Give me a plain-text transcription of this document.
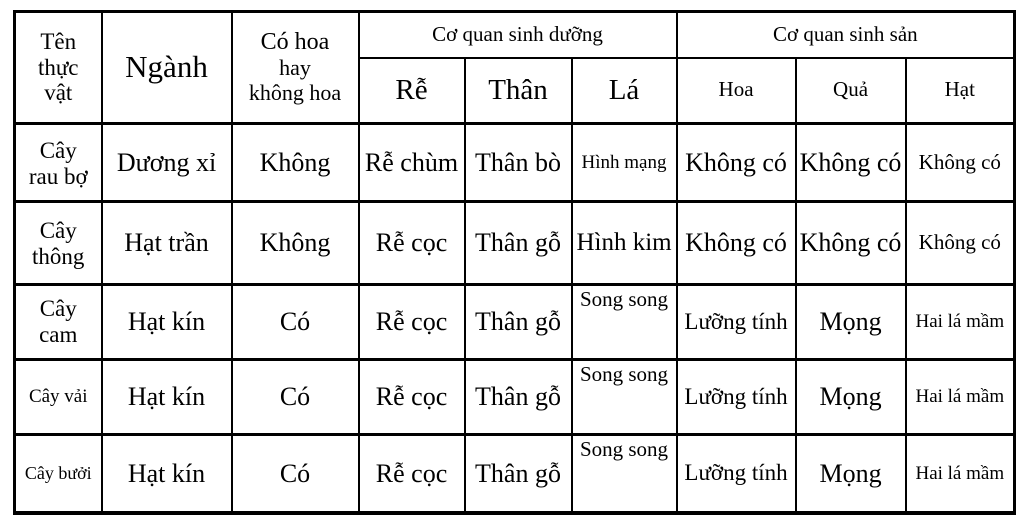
Tên
thực
vật	Ngành	Có hoa
hay
không hoa	Cơ quan sinh dưỡng			Cơ quan sinh sản		
			Rễ	Thân	Lá	Hoa	Quả	Hạt

Cây
rau bợ	Dương xỉ	Không	Rễ chùm	Thân bò	Hình mạng	Không có	Không có	Không có

Cây
thông	Hạt trần	Không	Rễ cọc	Thân gỗ	Hình kim	Không có	Không có	Không có

Cây
cam	Hạt kín	Có	Rễ cọc	Thân gỗ	Song song	Lưỡng tính	Mọng	Hai lá mầm

Cây vải	Hạt kín	Có	Rễ cọc	Thân gỗ	Song song	Lưỡng tính	Mọng	Hai lá mầm

Cây bưởi	Hạt kín	Có	Rễ cọc	Thân gỗ	Song song	Lưỡng tính	Mọng	Hai lá mầm
